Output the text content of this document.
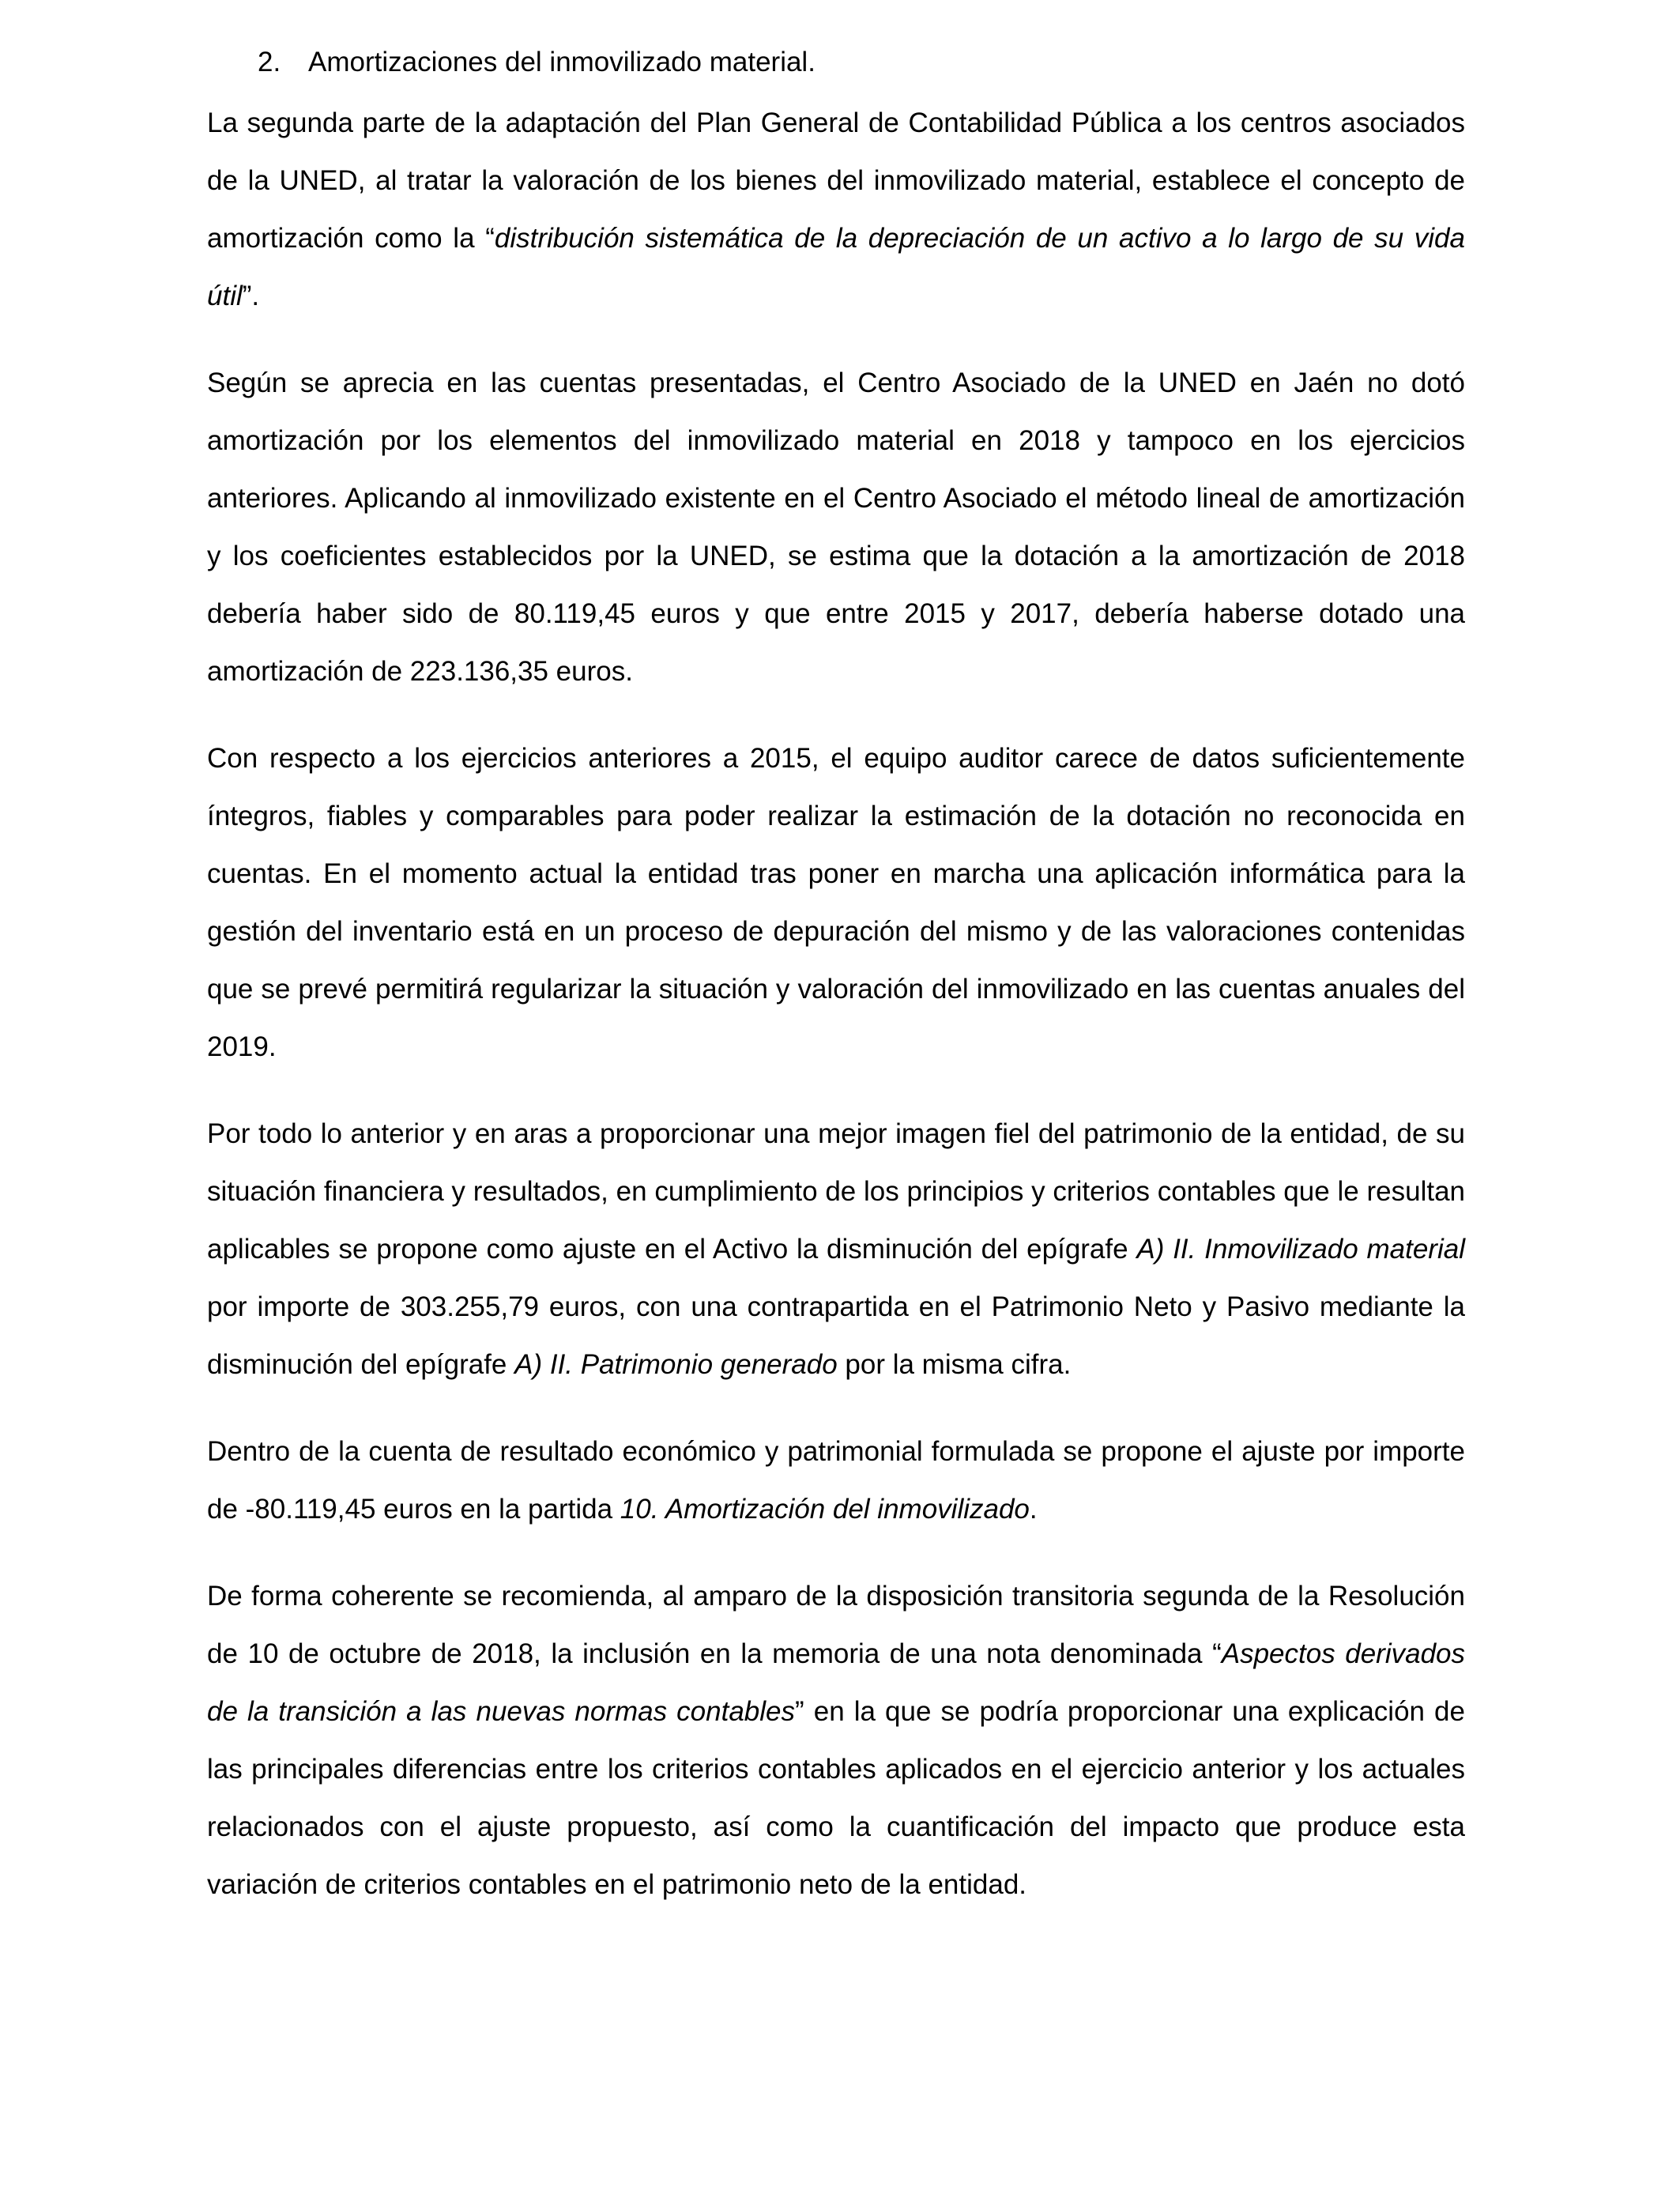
2. Amortizaciones del inmovilizado material.

La segunda parte de la adaptación del Plan General de Contabilidad Pública a los centros asociados de la UNED, al tratar la valoración de los bienes del inmovilizado material, establece el concepto de amortización como la “distribución sistemática de la depreciación de un activo a lo largo de su vida útil”.

Según se aprecia en las cuentas presentadas, el Centro Asociado de la UNED en Jaén no dotó amortización por los elementos del inmovilizado material en 2018 y tampoco en los ejercicios anteriores. Aplicando al inmovilizado existente en el Centro Asociado el método lineal de amortización y los coeficientes establecidos por la UNED, se estima que la dotación a la amortización de 2018 debería haber sido de 80.119,45 euros y que entre 2015 y 2017, debería haberse dotado una amortización de 223.136,35 euros.

Con respecto a los ejercicios anteriores a 2015, el equipo auditor carece de datos suficientemente íntegros, fiables y comparables para poder realizar la estimación de la dotación no reconocida en cuentas. En el momento actual la entidad tras poner en marcha una aplicación informática para la gestión del inventario está en un proceso de depuración del mismo y de las valoraciones contenidas que se prevé permitirá regularizar la situación y valoración del inmovilizado en las cuentas anuales del 2019.

Por todo lo anterior y en aras a proporcionar una mejor imagen fiel del patrimonio de la entidad, de su situación financiera y resultados, en cumplimiento de los principios y criterios contables que le resultan aplicables se propone como ajuste en el Activo la disminución del epígrafe A) II. Inmovilizado material por importe de 303.255,79 euros, con una contrapartida en el Patrimonio Neto y Pasivo mediante la disminución del epígrafe A) II. Patrimonio generado por la misma cifra.

Dentro de la cuenta de resultado económico y patrimonial formulada se propone el ajuste por importe de -80.119,45 euros en la partida 10. Amortización del inmovilizado.

De forma coherente se recomienda, al amparo de la disposición transitoria segunda de la Resolución de 10 de octubre de 2018, la inclusión en la memoria de una nota denominada “Aspectos derivados de la transición a las nuevas normas contables” en la que se podría proporcionar una explicación de las principales diferencias entre los criterios contables aplicados en el ejercicio anterior y los actuales relacionados con el ajuste propuesto, así como la cuantificación del impacto que produce esta variación de criterios contables en el patrimonio neto de la entidad.
